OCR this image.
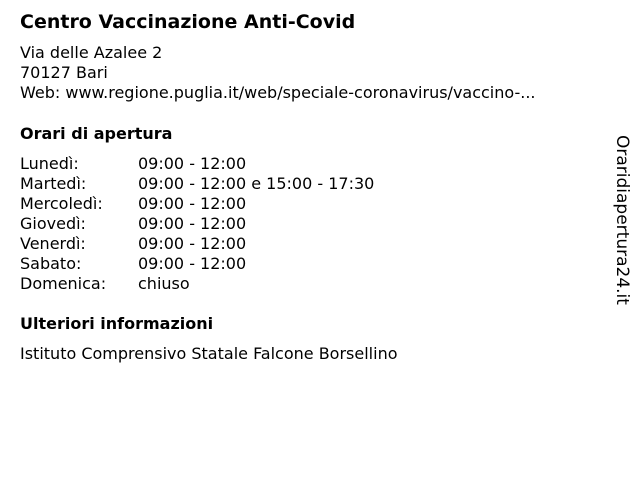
Centro Vaccinazione Anti-Covid
Via delle Azalee 2
70127 Bari
Web: www.regione.puglia.it/web/speciale-coronavirus/vaccino-...
Orari di apertura
Lunedì:	09:00 - 12:00
Martedì:	09:00 - 12:00 e 15:00 - 17:30
Mercoledì:	09:00 - 12:00
Giovedì:	09:00 - 12:00
Venerdì:	09:00 - 12:00
Sabato:	09:00 - 12:00
Domenica:	chiuso
Ulteriori informazioni
Istituto Comprensivo Statale Falcone Borsellino
Oraridiapertura24.it
